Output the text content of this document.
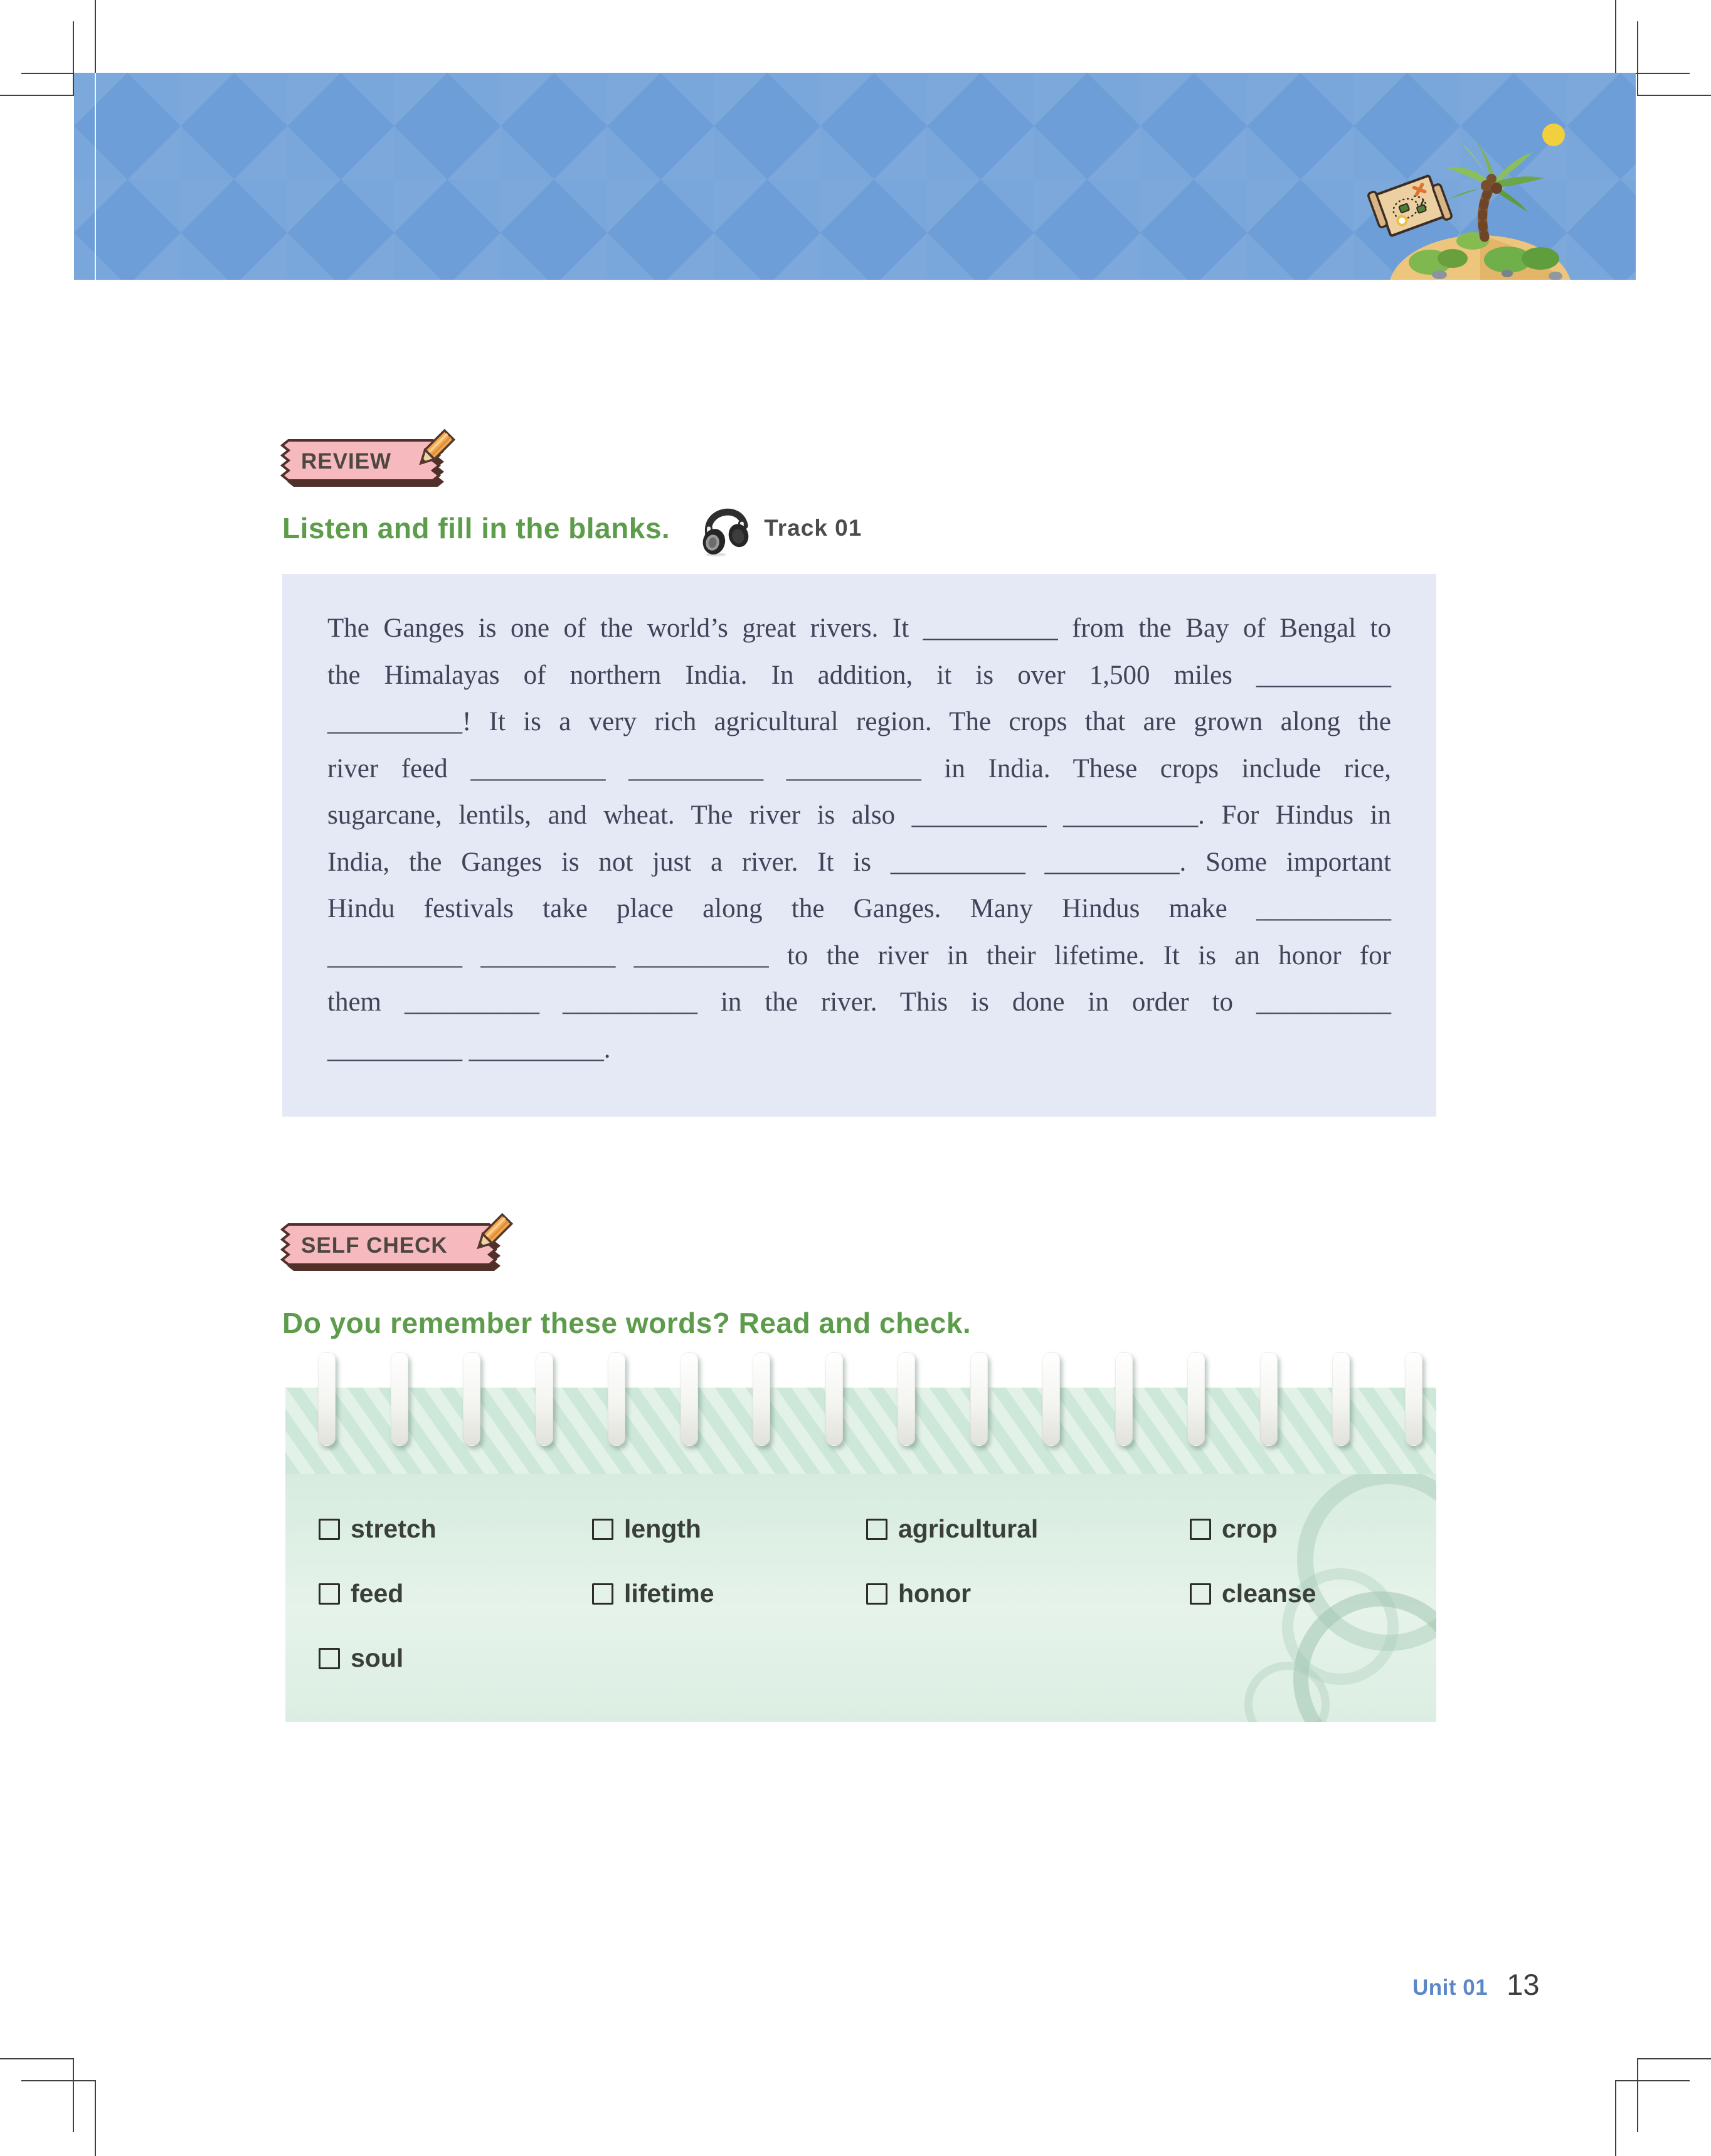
REVIEW
Listen and fill in the blanks.	Track 01
The Ganges is one of the world’s great rivers. It __________ from the Bay of Bengal to
the Himalayas of northern India. In addition, it is over 1,500 miles __________
__________! It is a very rich agricultural region. The crops that are grown along the
river feed __________ __________ __________ in India. These crops include rice,
sugarcane, lentils, and wheat. The river is also __________ __________. For Hindus in
India, the Ganges is not just a river. It is __________ __________. Some important
Hindu festivals take place along the Ganges. Many Hindus make __________
__________ __________ __________ to the river in their lifetime. It is an honor for
them __________ __________ in the river. This is done in order to __________
__________ __________.
SELF CHECK
Do you remember these words? Read and check.
stretch	length	agricultural	crop
feed	lifetime	honor	cleanse
soul
Unit 01 13
